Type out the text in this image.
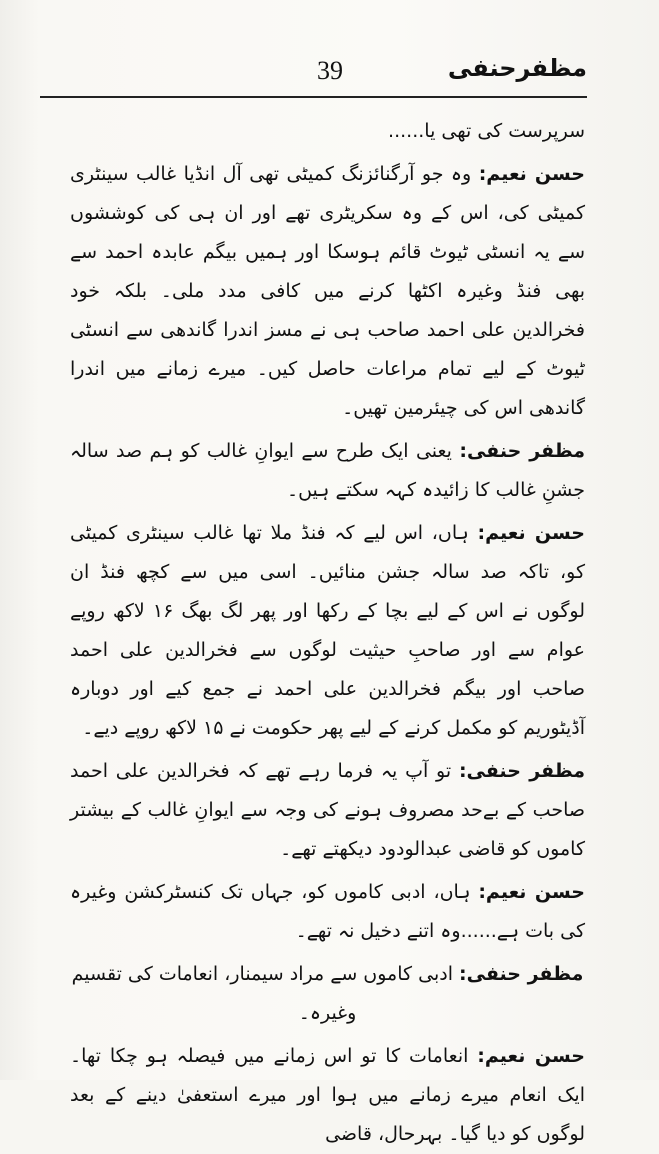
39	مظفرحنفی

سرپرست کی تھی یا......

حسن نعیم: وہ جو آرگنائزنگ کمیٹی تھی آل انڈیا غالب سینٹری کمیٹی کی، اس کے وہ سکریٹری تھے اور ان ہی کی کوششوں سے یہ انسٹی ٹیوٹ قائم ہوسکا اور ہمیں بیگم عابدہ احمد سے بھی فنڈ وغیرہ اکٹھا کرنے میں کافی مدد ملی۔ بلکہ خود فخرالدین علی احمد صاحب ہی نے مسز اندرا گاندھی سے انسٹی ٹیوٹ کے لیے تمام مراعات حاصل کیں۔ میرے زمانے میں اندرا گاندھی اس کی چیئرمین تھیں۔

مظفر حنفی: یعنی ایک طرح سے ایوانِ غالب کو ہم صد سالہ جشنِ غالب کا زائیدہ کہہ سکتے ہیں۔

حسن نعیم: ہاں، اس لیے کہ فنڈ ملا تھا غالب سینٹری کمیٹی کو، تاکہ صد سالہ جشن منائیں۔ اسی میں سے کچھ فنڈ ان لوگوں نے اس کے لیے بچا کے رکھا اور پھر لگ بھگ ۱۶ لاکھ روپے عوام سے اور صاحبِ حیثیت لوگوں سے فخرالدین علی احمد صاحب اور بیگم فخرالدین علی احمد نے جمع کیے اور دوبارہ آڈیٹوریم کو مکمل کرنے کے لیے پھر حکومت نے ۱۵ لاکھ روپے دیے۔

مظفر حنفی: تو آپ یہ فرما رہے تھے کہ فخرالدین علی احمد صاحب کے بےحد مصروف ہونے کی وجہ سے ایوانِ غالب کے بیشتر کاموں کو قاضی عبدالودود دیکھتے تھے۔

حسن نعیم: ہاں، ادبی کاموں کو، جہاں تک کنسٹرکشن وغیرہ کی بات ہے......وہ اتنے دخیل نہ تھے۔

مظفر حنفی: ادبی کاموں سے مراد سیمنار، انعامات کی تقسیم وغیرہ۔

حسن نعیم: انعامات کا تو اس زمانے میں فیصلہ ہو چکا تھا۔ ایک انعام میرے زمانے میں ہوا اور میرے استعفیٰ دینے کے بعد لوگوں کو دیا گیا۔ بہرحال، قاضی
